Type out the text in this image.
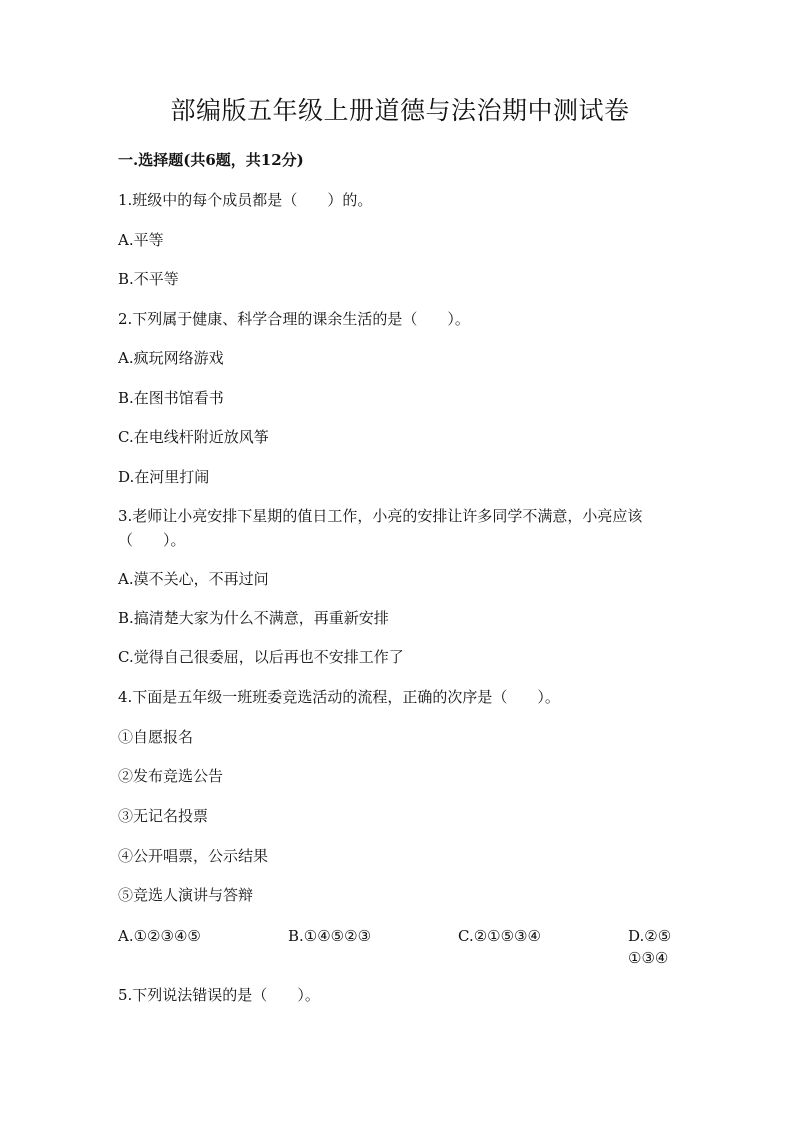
部编版五年级上册道德与法治期中测试卷
一.选择题(共6题，共12分)
1.班级中的每个成员都是（　　）的。
A.平等
B.不平等
2.下列属于健康、科学合理的课余生活的是（　　）。
A.疯玩网络游戏
B.在图书馆看书
C.在电线杆附近放风筝
D.在河里打闹
3.老师让小亮安排下星期的值日工作，小亮的安排让许多同学不满意，小亮应该（　　）。
A.漠不关心，不再过问
B.搞清楚大家为什么不满意，再重新安排
C.觉得自己很委屈，以后再也不安排工作了
4.下面是五年级一班班委竞选活动的流程，正确的次序是（　　）。
①自愿报名
②发布竞选公告
③无记名投票
④公开唱票，公示结果
⑤竞选人演讲与答辩
A.①②③④⑤	B.①④⑤②③	C.②①⑤③④	D.②⑤①③④
5.下列说法错误的是（　　）。
